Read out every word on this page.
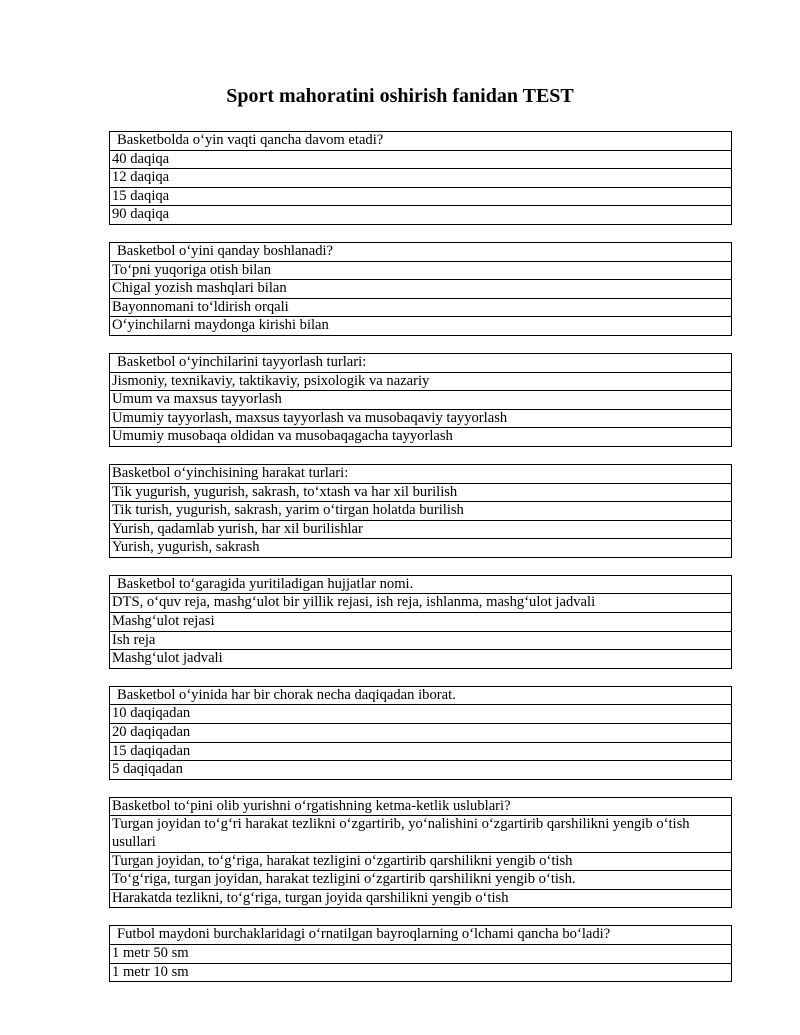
Sport mahoratini oshirish fanidan TEST
Basketbolda o‘yin vaqti qancha davom etadi?
40 daqiqa
12 daqiqa
15 daqiqa
90 daqiqa
Basketbol o‘yini qanday boshlanadi?
To‘pni yuqoriga otish bilan
Chigal yozish mashqlari bilan
Bayonnomani to‘ldirish orqali
O‘yinchilarni maydonga kirishi bilan
Basketbol o‘yinchilarini tayyorlash turlari:
Jismoniy, texnikaviy, taktikaviy, psixologik va nazariy
Umum va maxsus tayyorlash
Umumiy tayyorlash, maxsus tayyorlash va musobaqaviy tayyorlash
Umumiy musobaqa oldidan va musobaqagacha tayyorlash
Basketbol o‘yinchisining harakat turlari:
Tik yugurish, yugurish, sakrash, to‘xtash va har xil burilish
Tik turish, yugurish, sakrash, yarim o‘tirgan holatda burilish
Yurish, qadamlab yurish, har xil burilishlar
Yurish, yugurish, sakrash
Basketbol to‘garagida yuritiladigan hujjatlar nomi.
DTS, o‘quv reja, mashg‘ulot bir yillik rejasi, ish reja, ishlanma, mashg‘ulot jadvali
Mashg‘ulot rejasi
Ish reja
Mashg‘ulot jadvali
Basketbol o‘yinida har bir chorak necha daqiqadan iborat.
10 daqiqadan
20 daqiqadan
15 daqiqadan
5 daqiqadan
Basketbol to‘pini olib yurishni o‘rgatishning ketma-ketlik uslublari?
Turgan joyidan to‘g‘ri harakat tezlikni o‘zgartirib, yo‘nalishini o‘zgartirib qarshilikni yengib o‘tish usullari
Turgan joyidan, to‘g‘riga, harakat tezligini o‘zgartirib qarshilikni yengib o‘tish
To‘g‘riga, turgan joyidan, harakat tezligini o‘zgartirib qarshilikni yengib o‘tish.
Harakatda tezlikni, to‘g‘riga, turgan joyida qarshilikni yengib o‘tish
Futbol maydoni burchaklaridagi o‘rnatilgan bayroqlarning o‘lchami qancha bo‘ladi?
1 metr 50 sm
1 metr 10 sm
